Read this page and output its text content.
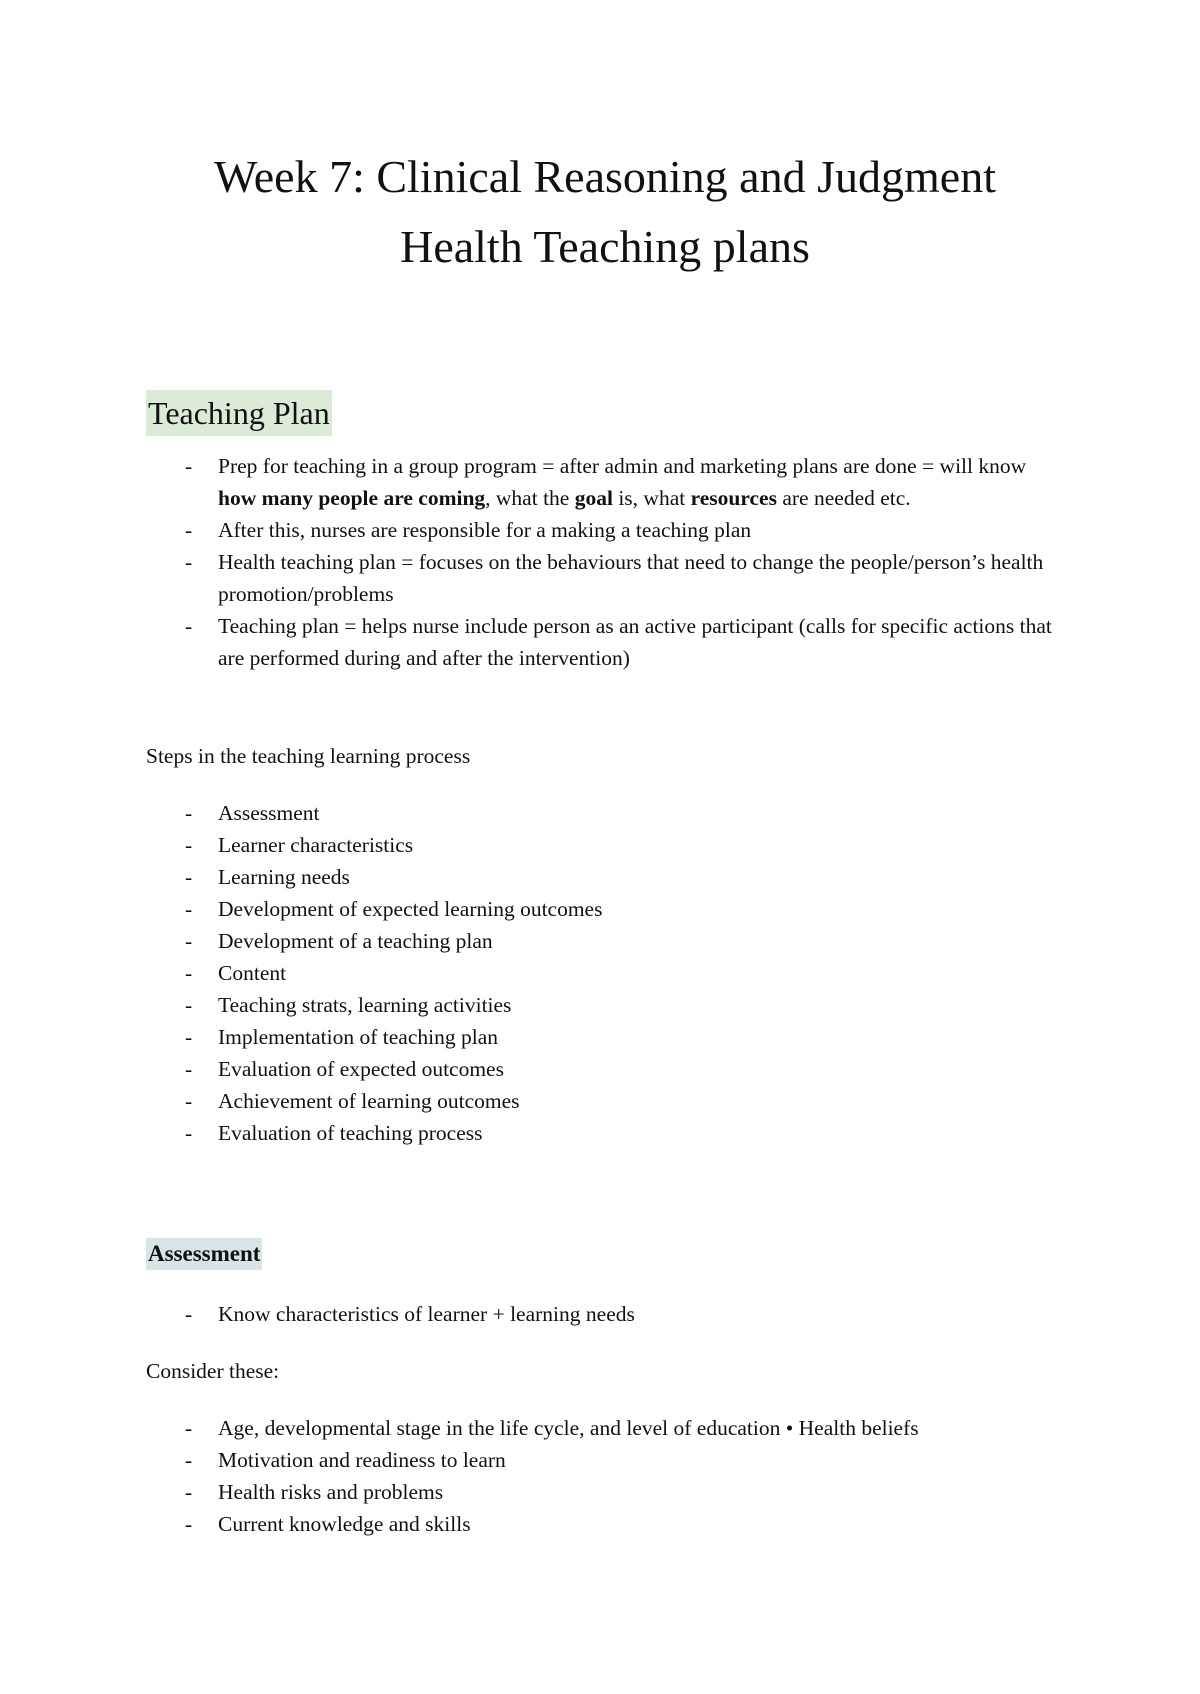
Week 7: Clinical Reasoning and Judgment
Health Teaching plans
Teaching Plan
- Prep for teaching in a group program = after admin and marketing plans are done = will know how many people are coming, what the goal is, what resources are needed etc.
- After this, nurses are responsible for a making a teaching plan
- Health teaching plan = focuses on the behaviours that need to change the people/person’s health promotion/problems
- Teaching plan = helps nurse include person as an active participant (calls for specific actions that are performed during and after the intervention)

Steps in the teaching learning process

- Assessment
- Learner characteristics
- Learning needs
- Development of expected learning outcomes
- Development of a teaching plan
- Content
- Teaching strats, learning activities
- Implementation of teaching plan
- Evaluation of expected outcomes
- Achievement of learning outcomes
- Evaluation of teaching process
Assessment
- Know characteristics of learner + learning needs

Consider these:

- Age, developmental stage in the life cycle, and level of education • Health beliefs
- Motivation and readiness to learn
- Health risks and problems
- Current knowledge and skills
